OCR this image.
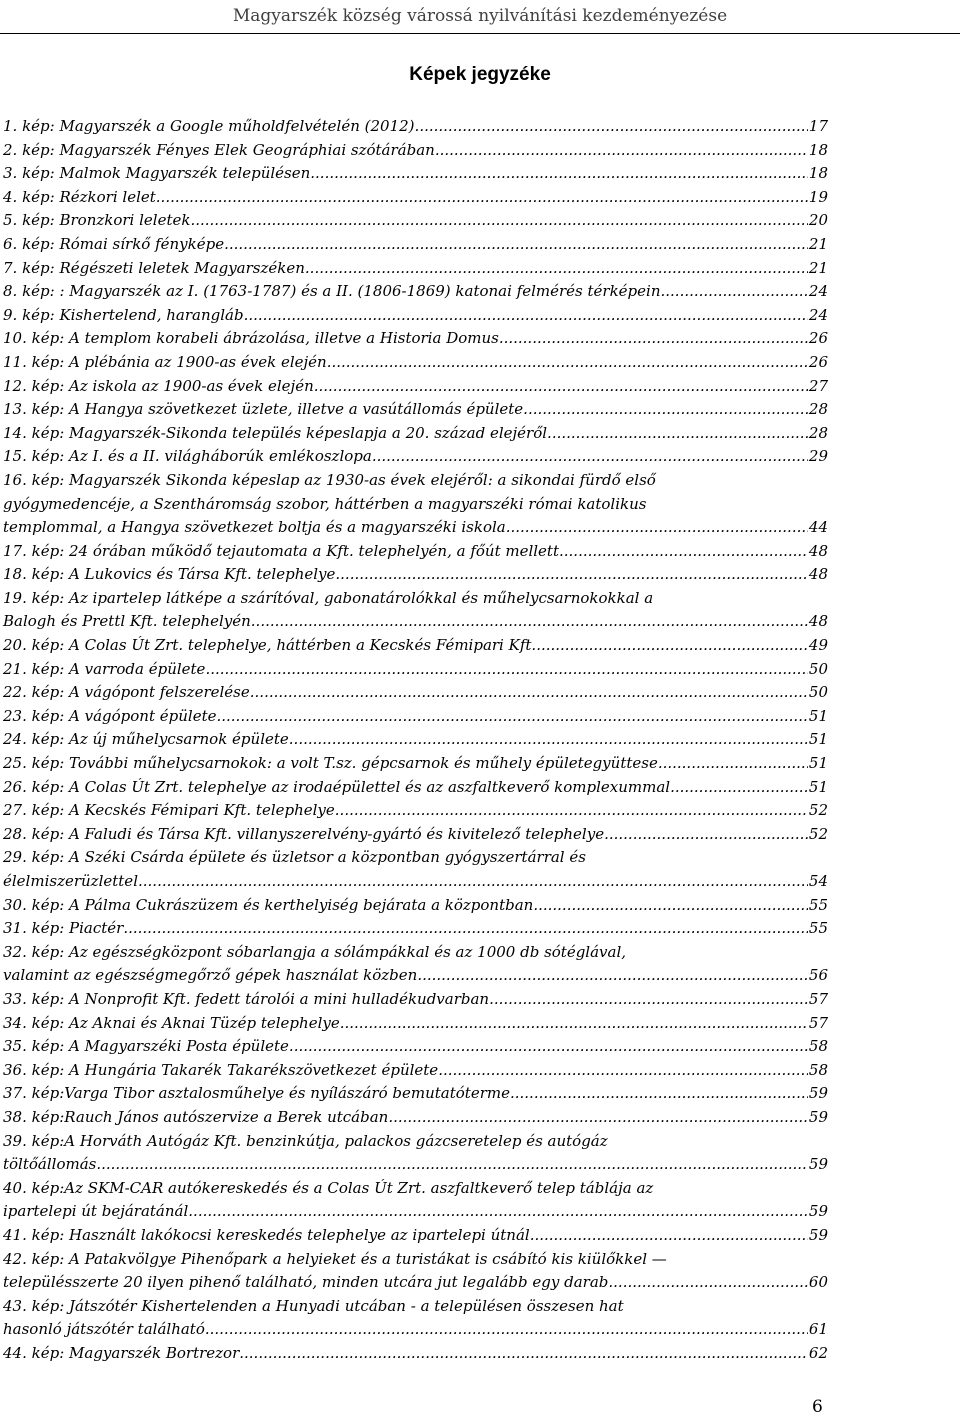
Magyarszék község várossá nyilvánítási kezdeményezése
Képek jegyzéke
1. kép: Magyarszék a Google műholdfelvételén (2012) .....	17
2. kép: Magyarszék Fényes Elek Geográphiai szótárában .....	18
3. kép: Malmok Magyarszék településen .....	18
4. kép: Rézkori lelet .....	19
5. kép: Bronzkori leletek .....	20
6. kép: Római sírkő fényképe .....	21
7. kép: Régészeti leletek Magyarszéken .....	21
8. kép: : Magyarszék az I. (1763-1787) és a II. (1806-1869) katonai felmérés térképein .....	24
9. kép: Kishertelend, harangláb .....	24
10. kép: A templom korabeli ábrázolása, illetve a Historia Domus .....	26
11. kép: A plébánia az 1900-as évek elején .....	26
12. kép: Az iskola az 1900-as évek elején .....	27
13. kép: A Hangya szövetkezet üzlete, illetve a vasútállomás épülete .....	28
14. kép: Magyarszék-Sikonda település képeslapja a 20. század elejéről .....	28
15. kép: Az I. és a II. világháborúk emlékoszlopa .....	29
16. kép: Magyarszék Sikonda képeslap az 1930-as évek elejéről: a sikondai fürdő első
gyógymedencéje, a Szentháromság szobor, háttérben a magyarszéki római katolikus
templommal, a Hangya szövetkezet boltja és a magyarszéki iskola .....	44
17. kép: 24 órában működő tejautomata a Kft. telephelyén, a főút mellett .....	48
18. kép: A Lukovics és Társa Kft. telephelye .....	48
19. kép: Az ipartelep látképe a szárítóval, gabonatárolókkal és műhelycsarnokokkal a
Balogh és Prettl Kft. telephelyén .....	48
20. kép: A Colas Út Zrt. telephelye, háttérben a Kecskés Fémipari Kft .....	49
21. kép: A varroda épülete .....	50
22. kép: A vágópont felszerelése .....	50
23. kép: A vágópont épülete .....	51
24. kép: Az új műhelycsarnok épülete .....	51
25. kép: További műhelycsarnokok: a volt T.sz. gépcsarnok és műhely épületegyüttese .....	51
26. kép: A Colas Út Zrt. telephelye az irodaépülettel és az aszfaltkeverő komplexummal .....	51
27. kép: A Kecskés Fémipari Kft. telephelye .....	52
28. kép: A Faludi és Társa Kft. villanyszerelvény-gyártó és kivitelező telephelye .....	52
29. kép: A Széki Csárda épülete és üzletsor a központban gyógyszertárral és
élelmiszerüzlettel .....	54
30. kép: A Pálma Cukrászüzem és kerthelyiség bejárata a központban .....	55
31. kép: Piactér .....	55
32. kép: Az egészségközpont sóbarlangja a sólámpákkal és az 1000 db sótéglával,
valamint az egészségmegőrző gépek használat közben .....	56
33. kép: A Nonprofit Kft. fedett tárolói a mini hulladékudvarban .....	57
34. kép: Az Aknai és Aknai Tüzép telephelye .....	57
35. kép: A Magyarszéki Posta épülete .....	58
36. kép: A Hungária Takarék Takarékszövetkezet épülete .....	58
37. kép:Varga Tibor asztalosműhelye és nyílászáró bemutatóterme .....	59
38. kép:Rauch János autószervize a Berek utcában .....	59
39. kép:A Horváth Autógáz Kft. benzinkútja, palackos gázcseretelep és autógáz
töltőállomás .....	59
40. kép:Az SKM-CAR autókereskedés és a Colas Út Zrt. aszfaltkeverő telep táblája az
ipartelepi út bejáratánál .....	59
41. kép: Használt lakókocsi kereskedés telephelye az ipartelepi útnál .....	59
42. kép: A Patakvölgye Pihenőpark a helyieket és a turistákat is csábító kis kiülőkkel —
településszerte 20 ilyen pihenő található, minden utcára jut legalább egy darab .....	60
43. kép: Játszótér Kishertelenden a Hunyadi utcában - a településen összesen hat
hasonló játszótér található .....	61
44. kép: Magyarszék Bortrezor .....	62
6
